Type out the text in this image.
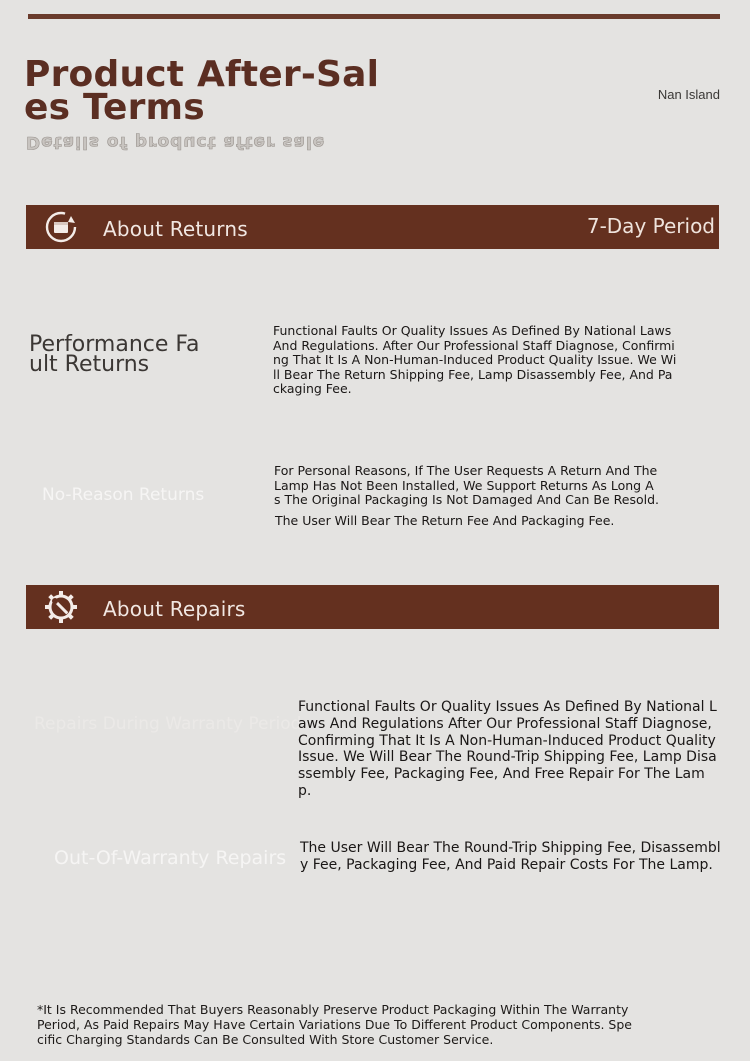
Product After-Sales Terms
Details of product after sale
Nan Island
About Returns	7-Day Period
Performance Fault Returns
Functional Faults Or Quality Issues As Defined By National Laws And Regulations. After Our Professional Staff Diagnose, Confirming That It Is A Non-Human-Induced Product Quality Issue. We Will Bear The Return Shipping Fee, Lamp Disassembly Fee, And Packaging Fee.
No-Reason Returns
For Personal Reasons, If The User Requests A Return And The Lamp Has Not Been Installed, We Support Returns As Long As The Original Packaging Is Not Damaged And Can Be Resold.
The User Will Bear The Return Fee And Packaging Fee.
About Repairs
Repairs During Warranty Period
Functional Faults Or Quality Issues As Defined By National Laws And Regulations After Our Professional Staff Diagnose, Confirming That It Is A Non-Human-Induced Product Quality Issue. We Will Bear The Round-Trip Shipping Fee, Lamp Disassembly Fee, Packaging Fee, And Free Repair For The Lamp.
Out-Of-Warranty Repairs The User Will Bear The Round-Trip Shipping Fee, Disassembly Fee, Packaging Fee, And Paid Repair Costs For The Lamp.
*It Is Recommended That Buyers Reasonably Preserve Product Packaging Within The Warranty Period, As Paid Repairs May Have Certain Variations Due To Different Product Components. Specific Charging Standards Can Be Consulted With Store Customer Service.
